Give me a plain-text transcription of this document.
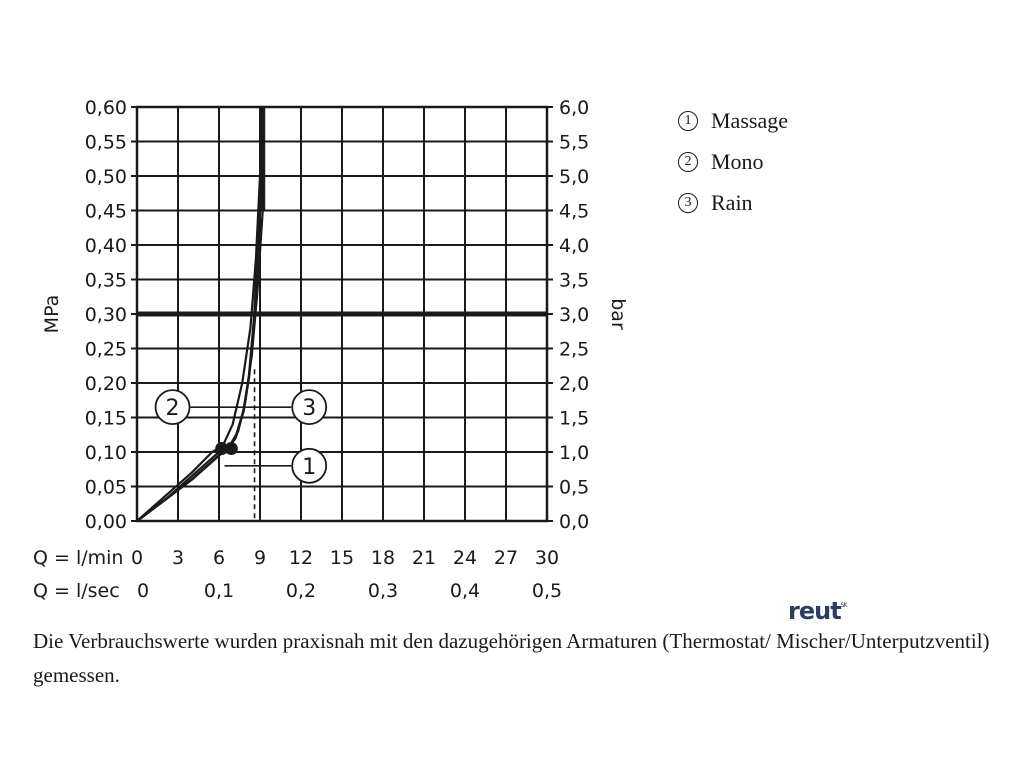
0,00
0,05
0,10
0,15
0,20
0,25
0,30
0,35
0,40
0,45
0,50
0,55
0,60
0,0
0,5
1,0
1,5
2,0
2,5
3,0
3,5
4,0
4,5
5,0
5,5
6,0
MPa	bar
Q = l/min 0 3 6 9 12 15 18 21 24 27 30
Q = l/sec 0	0,1	0,2	0,3	0,4	0,5
1
2	3
1 Massage
2 Mono
3 Rain
reut$^{SK}$
Die Verbrauchswerte wurden praxisnah mit den dazugehörigen Armaturen (Thermostat/ Mischer/Unterputzventil) gemessen.
